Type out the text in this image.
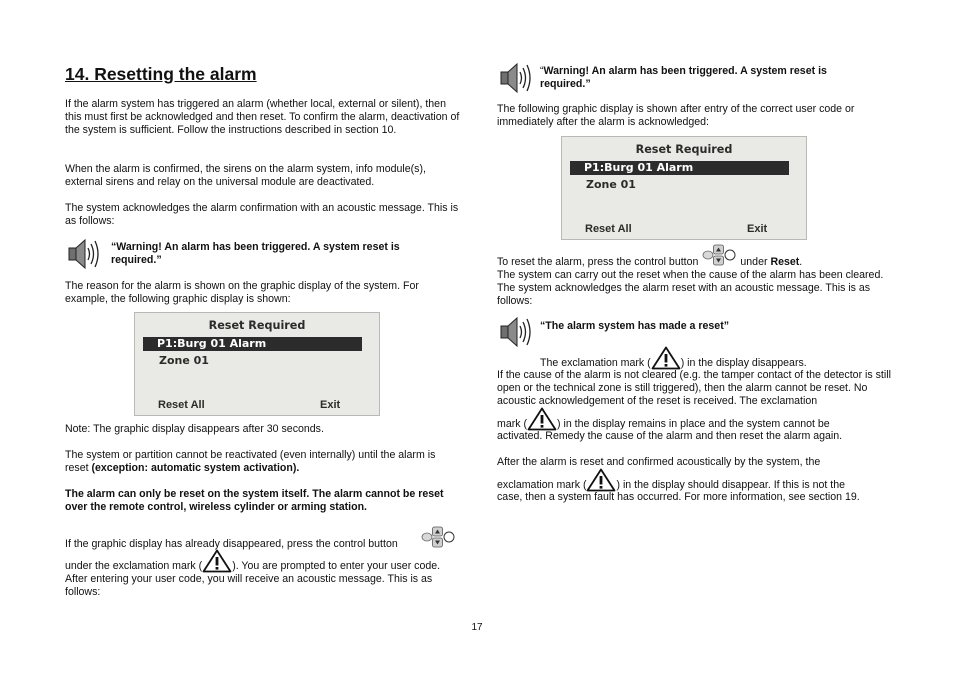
14. Resetting the alarm

If the alarm system has triggered an alarm (whether local, external or silent), then this must first be acknowledged and then reset. To confirm the alarm, deactivation of the system is sufficient. Follow the instructions described in section 10.

When the alarm is confirmed, the sirens on the alarm system, info module(s), external sirens and relay on the universal module are deactivated.

The system acknowledges the alarm confirmation with an acoustic message. This is as follows:

“Warning! An alarm has been triggered. A system reset is required.”

The reason for the alarm is shown on the graphic display of the system. For example, the following graphic display is shown:

Reset Required
P1:Burg 01 Alarm
Zone 01
Reset All	Exit

Note: The graphic display disappears after 30 seconds.

The system or partition cannot be reactivated (even internally) until the alarm is reset (exception: automatic system activation).

The alarm can only be reset on the system itself. The alarm cannot be reset over the remote control, wireless cylinder or arming station.

If the graphic display has already disappeared, press the control button

under the exclamation mark (	). You are prompted to enter your user code. After entering your user code, you will receive an acoustic message. This is as follows:

“Warning! An alarm has been triggered. A system reset is required.”

The following graphic display is shown after entry of the correct user code or immediately after the alarm is acknowledged:

Reset Required
P1:Burg 01 Alarm
Zone 01
Reset All	Exit

To reset the alarm, press the control button	under Reset.

The system can carry out the reset when the cause of the alarm has been cleared. The system acknowledges the alarm reset with an acoustic message. This is as follows:

“The alarm system has made a reset”

The exclamation mark (	) in the display disappears.

If the cause of the alarm is not cleared (e.g. the tamper contact of the detector is still open or the technical zone is still triggered), then the alarm cannot be reset. No acoustic acknowledgement of the reset is received. The exclamation

mark (	) in the display remains in place and the system cannot be

activated. Remedy the cause of the alarm and then reset the alarm again.

After the alarm is reset and confirmed acoustically by the system, the

exclamation mark (	) in the display should disappear. If this is not the

case, then a system fault has occurred. For more information, see section 19.

17
